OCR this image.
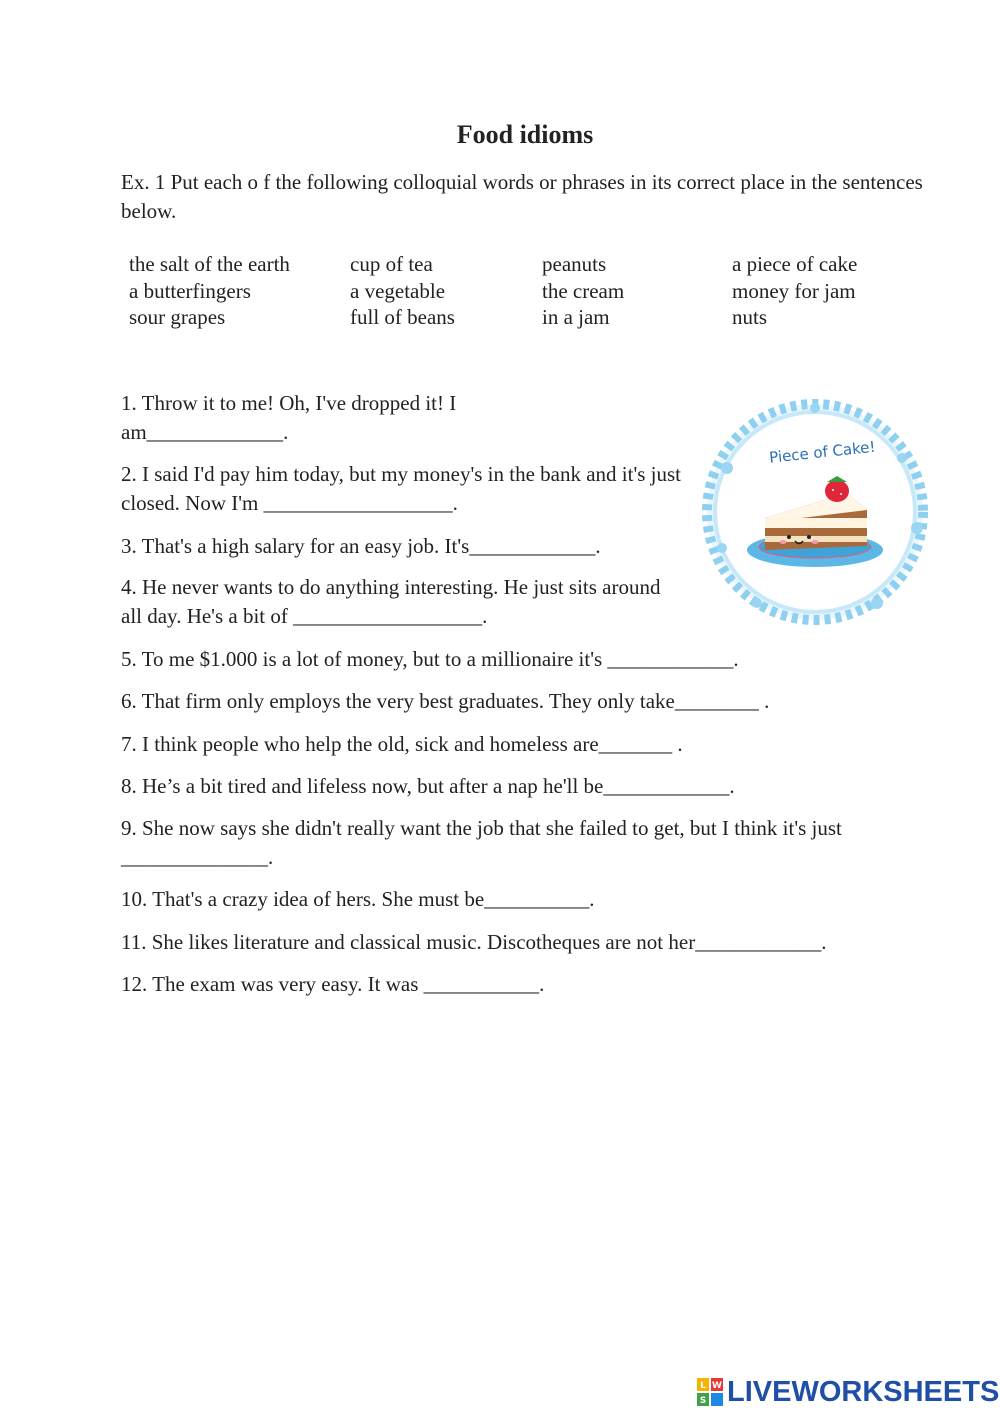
Food idioms
Ex. 1 Put each o f the following colloquial words or phrases in its correct place in the sentences below.
the salt of the earth	cup of tea	peanuts	a piece of cake
a butterfingers	a vegetable	the cream	money for jam
sour grapes	full of beans	in a jam	nuts
1. Throw it to me! Oh, I've dropped it! I am_____________.
2. I said I'd pay him today, but my money's in the bank and it's just closed. Now I'm __________________.
3. That's a high salary for an easy job. It's____________.
4. He never wants to do anything interesting. He just sits around all day. He's a bit of __________________.
5. To me $1.000 is a lot of money, but to a millionaire it's ____________.
6. That firm only employs the very best graduates. They only take________ .
7. I think people who help the old, sick and homeless are_______ .
8. He’s a bit tired and lifeless now, but after a nap he'll be____________.
9. She now says she didn't really want the job that she failed to get, but I think it's just ______________.
10. That's a crazy idea of hers. She must be__________.
11. She likes literature and classical music. Discotheques are not her____________.
12. The exam was very easy. It was ___________.
Piece of Cake!
L W
S LIVEWORKSHEETS
